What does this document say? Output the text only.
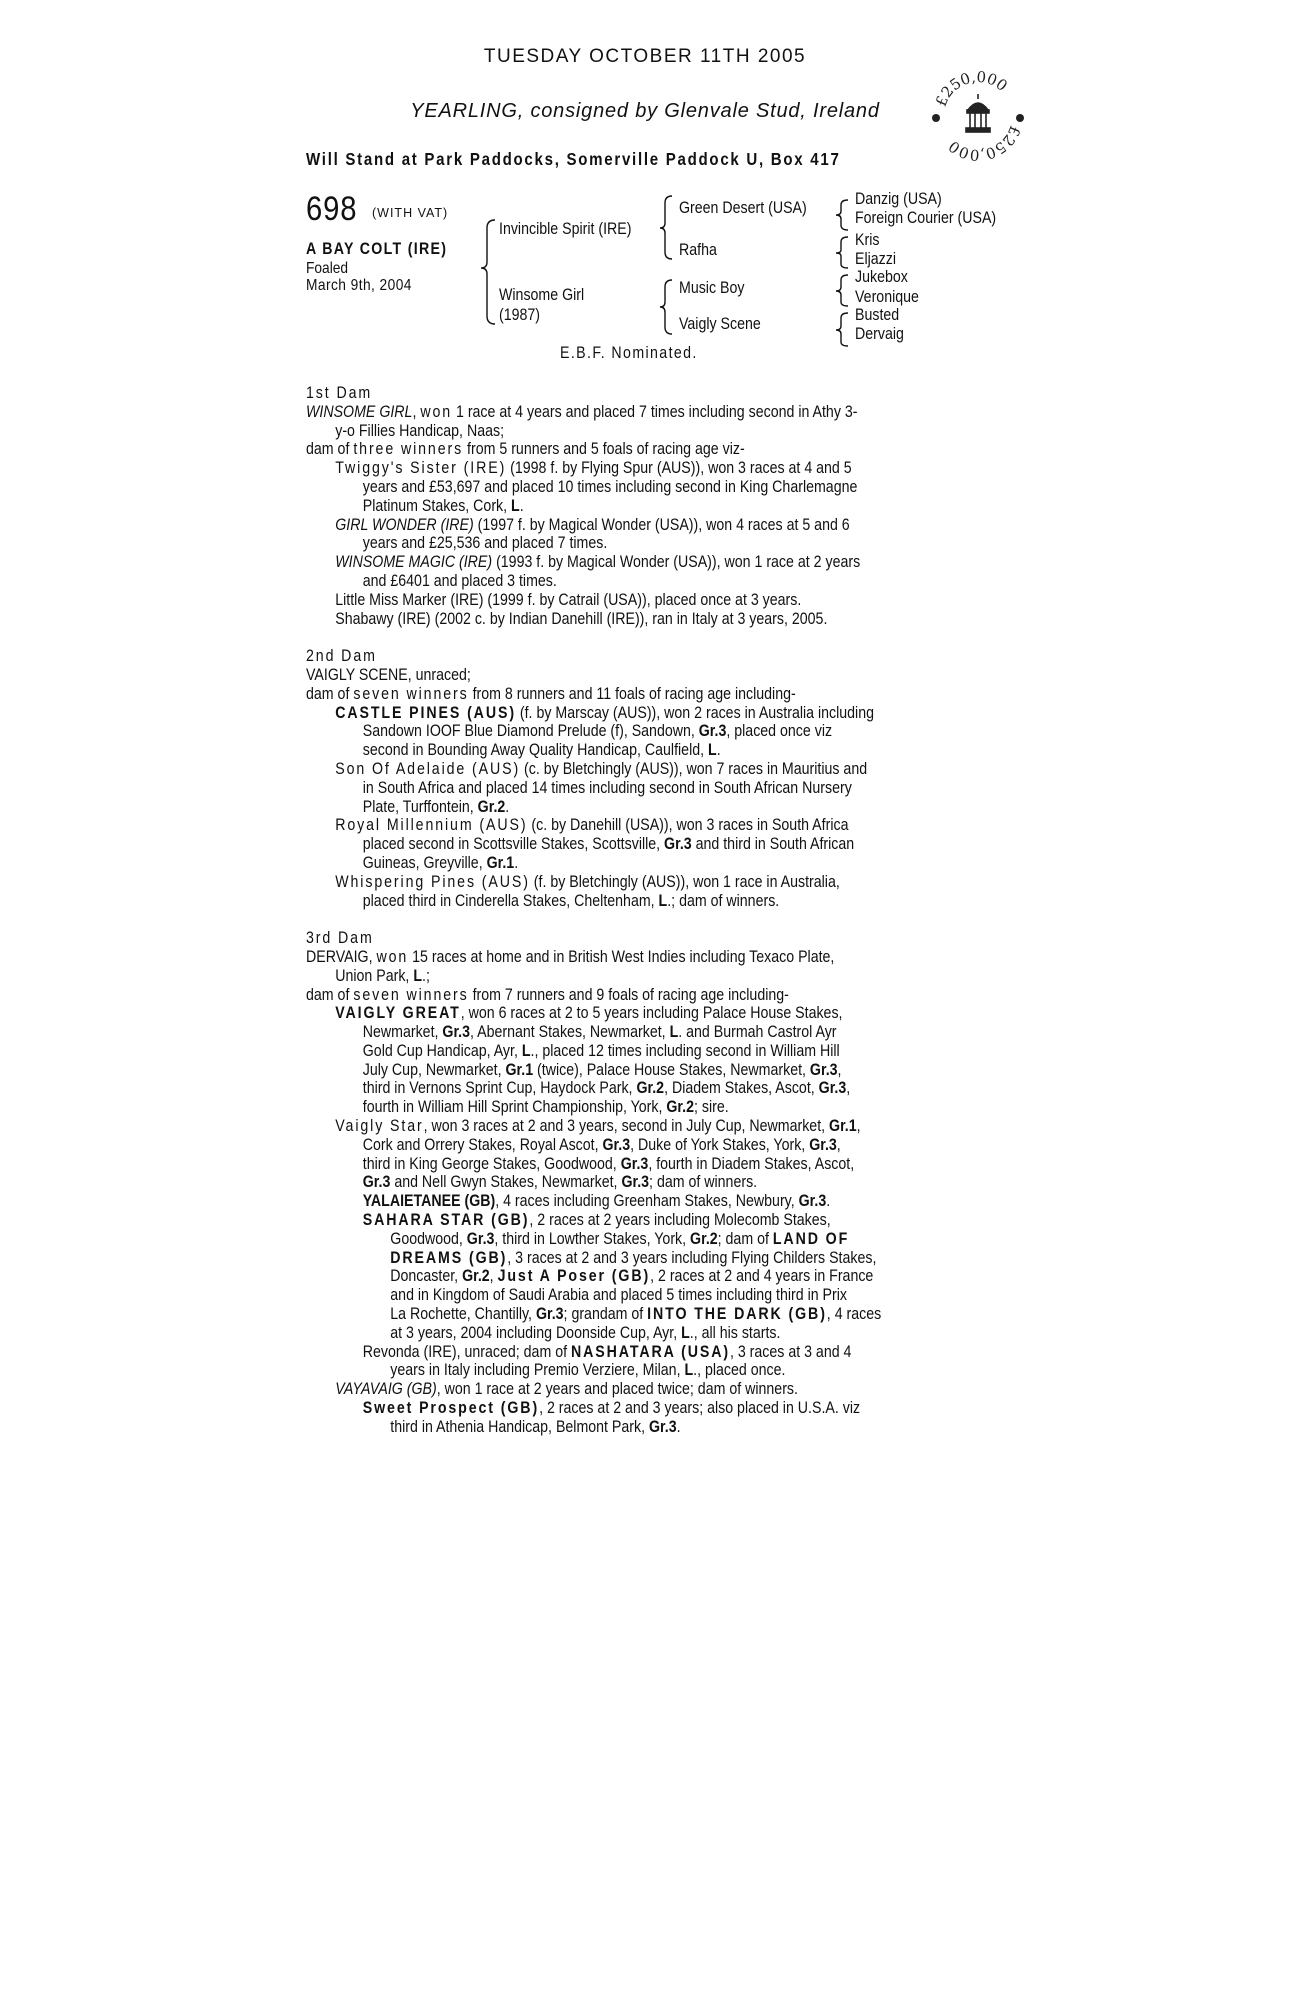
TUESDAY OCTOBER 11TH 2005
YEARLING, consigned by Glenvale Stud, Ireland
Will Stand at Park Paddocks, Somerville Paddock U, Box 417
£250,000
£250,000
698 (WITH VAT)
A BAY COLT (IRE)
Foaled
March 9th, 2004
Invincible Spirit (IRE)
Winsome Girl
(1987)
Green Desert (USA)
Rafha
Music Boy
Vaigly Scene
Danzig (USA)
Foreign Courier (USA)
Kris
Eljazzi
Jukebox
Veronique
Busted
Dervaig
E.B.F. Nominated.
1st Dam
WINSOME GIRL, won 1 race at 4 years and placed 7 times including second in Athy 3-
y-o Fillies Handicap, Naas;
dam of three winners from 5 runners and 5 foals of racing age viz-
Twiggy's Sister (IRE) (1998 f. by Flying Spur (AUS)), won 3 races at 4 and 5
years and £53,697 and placed 10 times including second in King Charlemagne
Platinum Stakes, Cork, L.
GIRL WONDER (IRE) (1997 f. by Magical Wonder (USA)), won 4 races at 5 and 6
years and £25,536 and placed 7 times.
WINSOME MAGIC (IRE) (1993 f. by Magical Wonder (USA)), won 1 race at 2 years
and £6401 and placed 3 times.
Little Miss Marker (IRE) (1999 f. by Catrail (USA)), placed once at 3 years.
Shabawy (IRE) (2002 c. by Indian Danehill (IRE)), ran in Italy at 3 years, 2005.
2nd Dam
VAIGLY SCENE, unraced;
dam of seven winners from 8 runners and 11 foals of racing age including-
CASTLE PINES (AUS) (f. by Marscay (AUS)), won 2 races in Australia including
Sandown IOOF Blue Diamond Prelude (f), Sandown, Gr.3, placed once viz
second in Bounding Away Quality Handicap, Caulfield, L.
Son Of Adelaide (AUS) (c. by Bletchingly (AUS)), won 7 races in Mauritius and
in South Africa and placed 14 times including second in South African Nursery
Plate, Turffontein, Gr.2.
Royal Millennium (AUS) (c. by Danehill (USA)), won 3 races in South Africa
placed second in Scottsville Stakes, Scottsville, Gr.3 and third in South African
Guineas, Greyville, Gr.1.
Whispering Pines (AUS) (f. by Bletchingly (AUS)), won 1 race in Australia,
placed third in Cinderella Stakes, Cheltenham, L.; dam of winners.
3rd Dam
DERVAIG, won 15 races at home and in British West Indies including Texaco Plate,
Union Park, L.;
dam of seven winners from 7 runners and 9 foals of racing age including-
VAIGLY GREAT, won 6 races at 2 to 5 years including Palace House Stakes,
Newmarket, Gr.3, Abernant Stakes, Newmarket, L. and Burmah Castrol Ayr
Gold Cup Handicap, Ayr, L., placed 12 times including second in William Hill
July Cup, Newmarket, Gr.1 (twice), Palace House Stakes, Newmarket, Gr.3,
third in Vernons Sprint Cup, Haydock Park, Gr.2, Diadem Stakes, Ascot, Gr.3,
fourth in William Hill Sprint Championship, York, Gr.2; sire.
Vaigly Star, won 3 races at 2 and 3 years, second in July Cup, Newmarket, Gr.1,
Cork and Orrery Stakes, Royal Ascot, Gr.3, Duke of York Stakes, York, Gr.3,
third in King George Stakes, Goodwood, Gr.3, fourth in Diadem Stakes, Ascot,
Gr.3 and Nell Gwyn Stakes, Newmarket, Gr.3; dam of winners.
YALAIETANEE (GB), 4 races including Greenham Stakes, Newbury, Gr.3.
SAHARA STAR (GB), 2 races at 2 years including Molecomb Stakes,
Goodwood, Gr.3, third in Lowther Stakes, York, Gr.2; dam of LAND OF
DREAMS (GB), 3 races at 2 and 3 years including Flying Childers Stakes,
Doncaster, Gr.2, Just A Poser (GB), 2 races at 2 and 4 years in France
and in Kingdom of Saudi Arabia and placed 5 times including third in Prix
La Rochette, Chantilly, Gr.3; grandam of INTO THE DARK (GB), 4 races
at 3 years, 2004 including Doonside Cup, Ayr, L., all his starts.
Revonda (IRE), unraced; dam of NASHATARA (USA), 3 races at 3 and 4
years in Italy including Premio Verziere, Milan, L., placed once.
VAYAVAIG (GB), won 1 race at 2 years and placed twice; dam of winners.
Sweet Prospect (GB), 2 races at 2 and 3 years; also placed in U.S.A. viz
third in Athenia Handicap, Belmont Park, Gr.3.
